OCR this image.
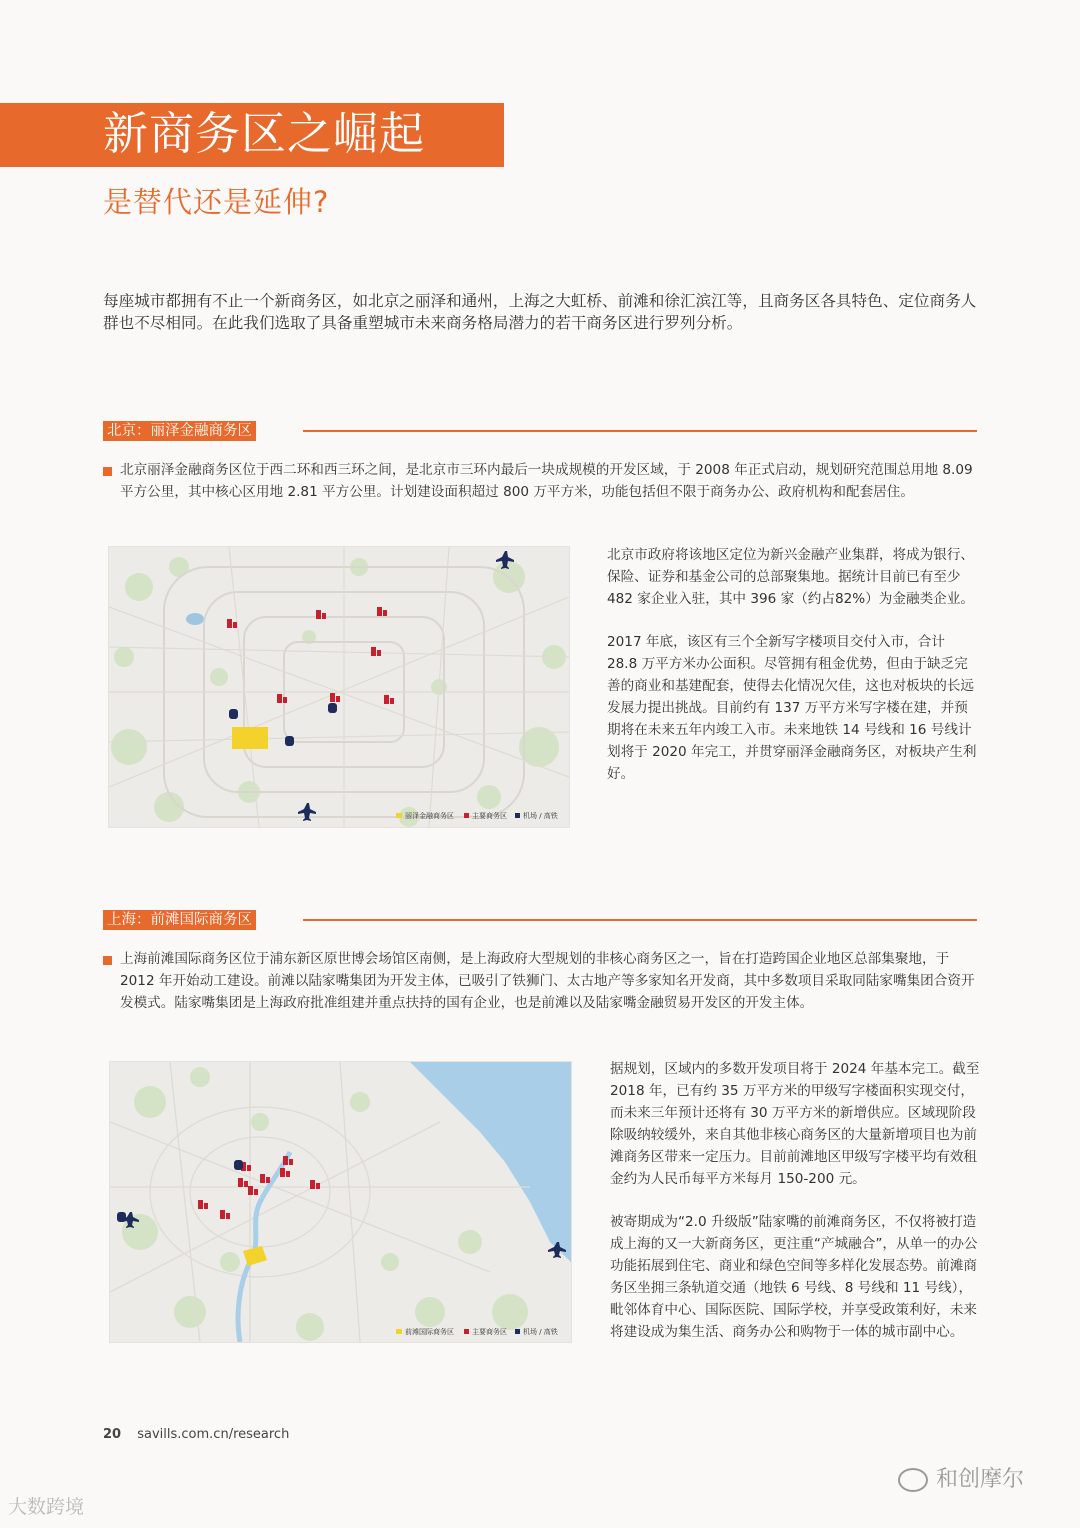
新商务区之崛起
是替代还是延伸?
每座城市都拥有不止一个新商务区，如北京之丽泽和通州，上海之大虹桥、前滩和徐汇滨江等，且商务区各具特色、定位商务人群也不尽相同。在此我们选取了具备重塑城市未来商务格局潜力的若干商务区进行罗列分析。
北京：丽泽金融商务区
北京丽泽金融商务区位于西二环和西三环之间，是北京市三环内最后一块成规模的开发区域，于 2008 年正式启动，规划研究范围总用地 8.09 平方公里，其中核心区用地 2.81 平方公里。计划建设面积超过 800 万平方米，功能包括但不限于商务办公、政府机构和配套居住。
丽泽金融商务区	主要商务区 机场 / 高铁

北京市政府将该地区定位为新兴金融产业集群，将成为银行、保险、证券和基金公司的总部聚集地。据统计目前已有至少 482 家企业入驻，其中 396 家（约占82%）为金融类企业。

2017 年底，该区有三个全新写字楼项目交付入市，合计 28.8 万平方米办公面积。尽管拥有租金优势，但由于缺乏完善的商业和基建配套，使得去化情况欠佳，这也对板块的长远发展力提出挑战。目前约有 137 万平方米写字楼在建，并预期将在未来五年内竣工入市。未来地铁 14 号线和 16 号线计划将于 2020 年完工，并贯穿丽泽金融商务区，对板块产生利好。

上海：前滩国际商务区
上海前滩国际商务区位于浦东新区原世博会场馆区南侧，是上海政府大型规划的非核心商务区之一，旨在打造跨国企业地区总部集聚地，于 2012 年开始动工建设。前滩以陆家嘴集团为开发主体，已吸引了铁狮门、太古地产等多家知名开发商，其中多数项目采取同陆家嘴集团合资开发模式。陆家嘴集团是上海政府批准组建并重点扶持的国有企业，也是前滩以及陆家嘴金融贸易开发区的开发主体。
前滩国际商务区	主要商务区 机场 / 高铁

据规划，区域内的多数开发项目将于 2024 年基本完工。截至 2018 年，已有约 35 万平方米的甲级写字楼面积实现交付，而未来三年预计还将有 30 万平方米的新增供应。区域现阶段除吸纳较缓外，来自其他非核心商务区的大量新增项目也为前滩商务区带来一定压力。目前前滩地区甲级写字楼平均有效租金约为人民币每平方米每月 150-200 元。

被寄期成为“2.0 升级版”陆家嘴的前滩商务区，不仅将被打造成上海的又一大新商务区，更注重“产城融合”，从单一的办公功能拓展到住宅、商业和绿色空间等多样化发展态势。前滩商务区坐拥三条轨道交通（地铁 6 号线、8 号线和 11 号线），毗邻体育中心、国际医院、国际学校，并享受政策利好，未来将建设成为集生活、商务办公和购物于一体的城市副中心。

20 savills.com.cn/research
大数跨境
和创摩尔
